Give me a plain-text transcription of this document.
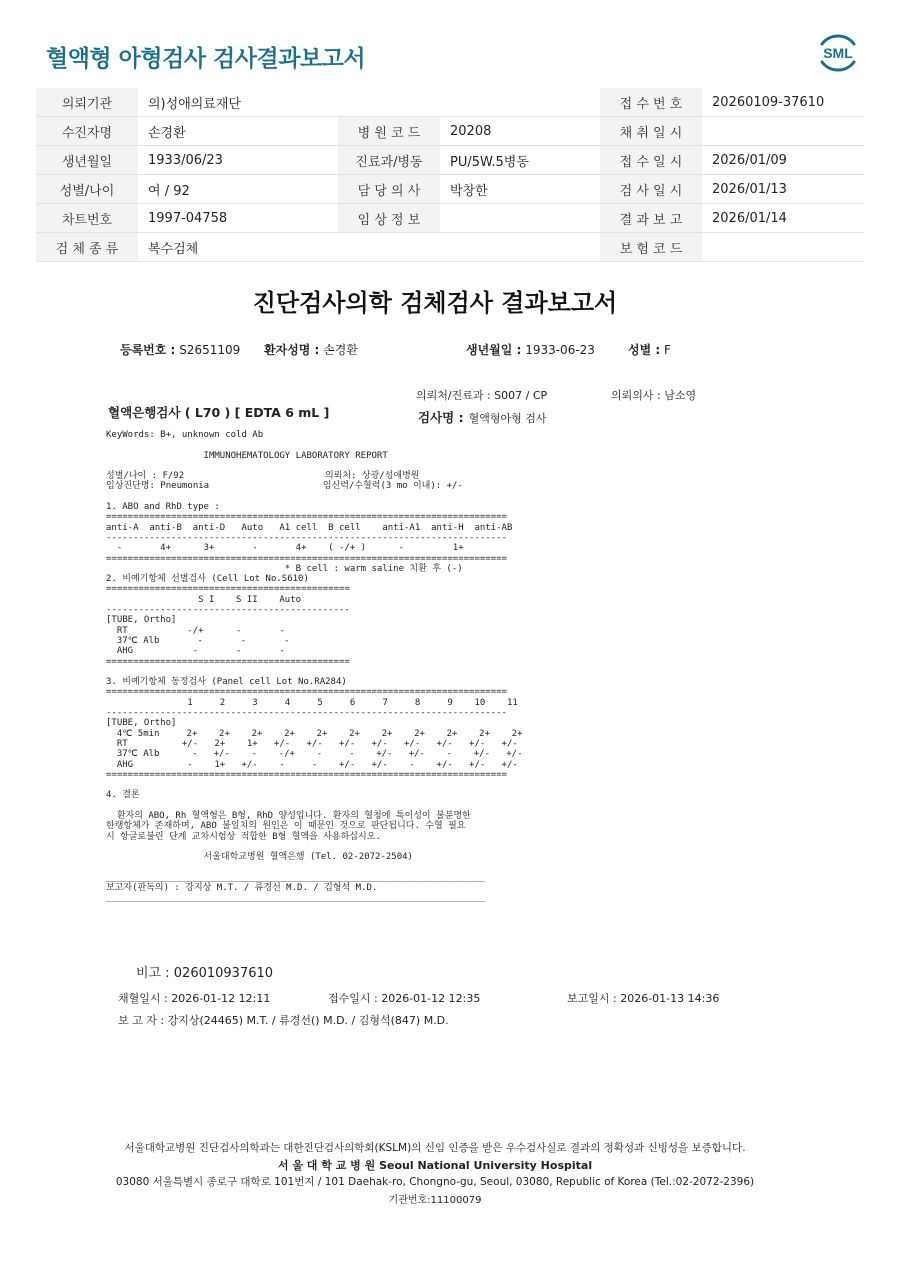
혈액형 아형검사 검사결과보고서	SML
의뢰기관	의)성애의료재단			접 수 번 호	20260109-37610
수진자명	손경환	병 원 코 드	20208	채 취 일 시	
생년월일	1933/06/23	진료과/병동	PU/5W.5병동	접 수 일 시	2026/01/09
성별/나이	여 / 92	담 당 의 사	박창한	검 사 일 시	2026/01/13
차트번호	1997-04758	임 상 정 보		결 과 보 고	2026/01/14
검 체 종 류	복수검체			보 험 코 드	
진단검사의학 검체검사 결과보고서
등록번호 : S2651109 환자성명 : 손경환	생년월일 : 1933-06-23	성별 : F
의뢰처/진료과 : S007 / CP	의뢰의사 : 남소영
혈액은행검사 ( L70 ) [ EDTA 6 mL ]	검사명 : 혈액형아형 검사
KeyWords: B+, unknown cold Ab

IMMUNOHEMATOLOGY LABORATORY REPORT

성별/나이 : F/92                          의뢰처: 상광/성애병원
임상진단명: Pneumonia                     임신력/수혈력(3 mo 이내): +/-

1. ABO and RhD type :
==========================================================================
anti-A  anti-B  anti-D   Auto   A1 cell  B cell    anti-A1  anti-H  anti-AB
--------------------------------------------------------------------------
-       4+      3+       -       4+    ( -/+ )      -         1+
==========================================================================
* B cell : warm saline 치환 후 (-)
2. 비예기항체 선별검사 (Cell Lot No.S610)
=============================================
S I    S II    Auto
---------------------------------------------
[TUBE, Ortho]
RT           -/+      -       -
37℃ Alb       -       -       -
AHG           -       -       -
=============================================

3. 비예기항체 동정검사 (Panel cell Lot No.RA284)
==========================================================================
1     2     3     4     5     6     7     8     9    10    11
--------------------------------------------------------------------------
[TUBE, Ortho]
4℃ 5min     2+    2+    2+    2+    2+    2+    2+    2+    2+    2+    2+
RT          +/-   2+    1+   +/-   +/-   +/-   +/-   +/-   +/-   +/-   +/-
37℃ Alb      -   +/-    -    -/+    -     -    +/-   +/-    -    +/-   +/-
AHG          -    1+   +/-    -     -    +/-   +/-    -    +/-   +/-   +/-
==========================================================================

4. 결론

환자의 ABO, Rh 혈액형은 B형, RhD 양성입니다. 환자의 혈청에 특이성이 불분명한
한랭항체가 존재하며, ABO 불일치의 원인은 이 때문인 것으로 판단됩니다. 수혈 필요
시 항글로불린 단계 교차시험상 적합한 B형 혈액을 사용하십시오.

서울대학교병원 혈액은행 (Tel. 02-2072-2504)

______________________________________________________________________
보고자(판독의) : 강지상 M.T. / 류경선 M.D. / 김형석 M.D.
______________________________________________________________________
비고 : 026010937610
채혈일시 : 2026-01-12 12:11	접수일시 : 2026-01-12 12:35	보고일시 : 2026-01-13 14:36
보 고 자 : 강지상(24465) M.T. / 류경선() M.D. / 김형석(847) M.D.
서울대학교병원 진단검사의학과는 대한진단검사의학회(KSLM)의 신임 인증을 받은 우수검사실로 결과의 정확성과 신빙성을 보증합니다.
서 울 대 학 교 병 원 Seoul National University Hospital
03080 서울특별시 종로구 대학로 101번지 / 101 Daehak-ro, Chongno-gu, Seoul, 03080, Republic of Korea (Tel.:02-2072-2396)
기관번호:11100079
